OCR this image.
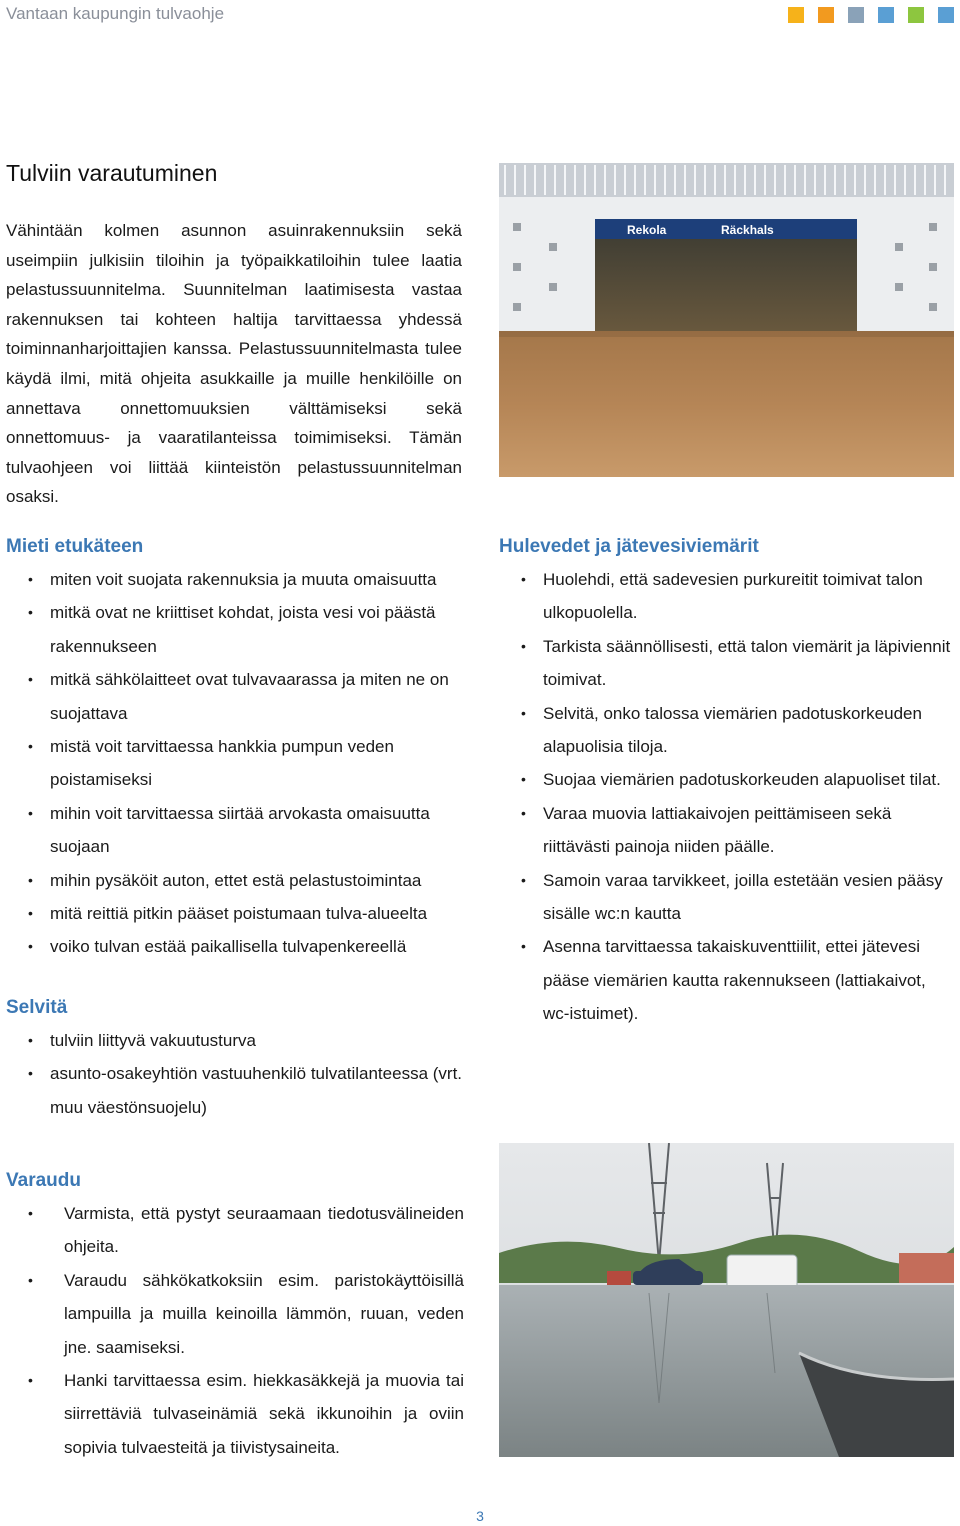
Vantaan kaupungin tulvaohje
Tulviin varautuminen

Vähintään kolmen asunnon asuinrakennuksiin sekä useimpiin julkisiin tiloihin ja työpaikkatiloihin tulee laatia pelastussuunnitelma. Suunnitelman laatimisesta vastaa rakennuksen tai kohteen haltija tarvittaessa yhdessä toiminnanharjoittajien kanssa. Pelastussuunnitelmasta tulee käydä ilmi, mitä ohjeita asukkaille ja muille henkilöille on annettava onnettomuuksien välttämiseksi sekä onnettomuus- ja vaaratilanteissa toimimiseksi. Tämän tulvaohjeen voi liittää kiinteistön pelastussuunnitelman osaksi.

Rekola	Räckhals
Mieti etukäteen
• miten voit suojata rakennuksia ja muuta omaisuutta
• mitkä ovat ne kriittiset kohdat, joista vesi voi päästä rakennukseen
• mitkä sähkölaitteet ovat tulvavaarassa ja miten ne on suojattava
• mistä voit tarvittaessa hankkia pumpun veden poistamiseksi
• mihin voit tarvittaessa siirtää arvokasta omaisuutta suojaan
• mihin pysäköit auton, ettet estä pelastustoimintaa
• mitä reittiä pitkin pääset poistumaan tulva-alueelta
• voiko tulvan estää paikallisella tulvapenkereellä
Selvitä
• tulviin liittyvä vakuutusturva
• asunto-osakeyhtiön vastuuhenkilö tulvatilanteessa (vrt. muu väestönsuojelu)
Hulevedet ja jätevesiviemärit
• Huolehdi, että sadevesien purkureitit toimivat talon ulkopuolella.
• Tarkista säännöllisesti, että talon viemärit ja läpiviennit toimivat.
• Selvitä, onko talossa viemärien padotuskorkeuden alapuolisia tiloja.
• Suojaa viemärien padotuskorkeuden alapuoliset tilat.
• Varaa muovia lattiakaivojen peittämiseen sekä riittävästi painoja niiden päälle.
• Samoin varaa tarvikkeet, joilla estetään vesien pääsy sisälle wc:n kautta
• Asenna tarvittaessa takaiskuventtiilit, ettei jätevesi pääse viemärien kautta rakennukseen (lattiakaivot, wc-istuimet).
Varaudu
• Varmista, että pystyt seuraamaan tiedotusvälineiden ohjeita.
• Varaudu sähkökatkoksiin esim. paristokäyttöisillä lampuilla ja muilla keinoilla lämmön, ruuan, veden jne. saamiseksi.
• Hanki tarvittaessa esim. hiekkasäkkejä ja muovia tai siirrettäviä tulvaseinämiä sekä ikkunoihin ja oviin sopivia tulvaesteitä ja tiivistysaineita.
3
